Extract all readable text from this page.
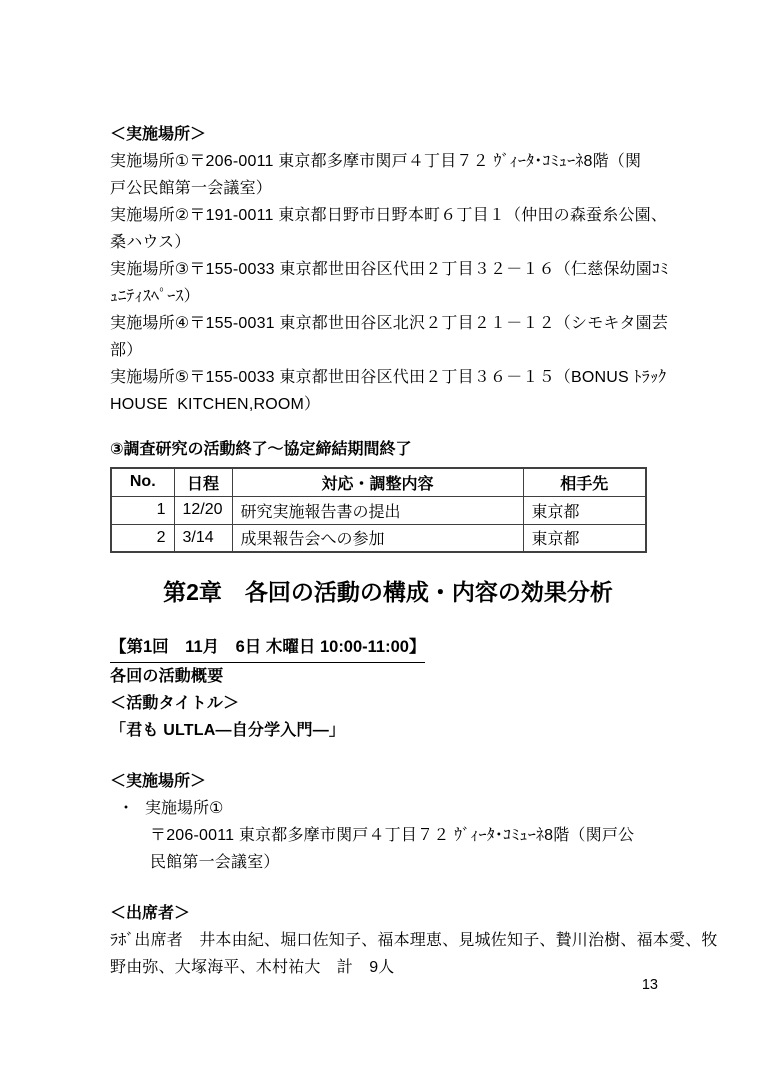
＜実施場所＞
実施場所①〒206-0011 東京都多摩市関戸４丁目７２ ｳﾞｨｰﾀ･ｺﾐｭｰﾈ8階（関
戸公民館第一会議室）
実施場所②〒191-0011 東京都日野市日野本町６丁目１（仲田の森蚕糸公園、
桑ハウス）
実施場所③〒155-0033 東京都世田谷区代田２丁目３２－１６（仁慈保幼園ｺﾐ
ｭﾆﾃｨｽﾍﾟｰｽ）
実施場所④〒155-0031 東京都世田谷区北沢２丁目２１－１２（シモキタ園芸
部）
実施場所⑤〒155-0033 東京都世田谷区代田２丁目３６－１５（BONUS ﾄﾗｯｸ
HOUSE  KITCHEN,ROOM）
③調査研究の活動終了～協定締結期間終了
No.	日程	対応・調整内容	相手先
1	12/20	研究実施報告書の提出	東京都
2	3/14	成果報告会への参加	東京都
第2章　各回の活動の構成・内容の効果分析
【第1回　11月　6日 木曜日 10:00-11:00】
各回の活動概要
＜活動タイトル＞
「君も ULTLA―自分学入門―」
＜実施場所＞
・ 実施場所①
〒206-0011 東京都多摩市関戸４丁目７２ ｳﾞｨｰﾀ･ｺﾐｭｰﾈ8階（関戸公
民館第一会議室）
＜出席者＞
ﾗﾎﾞ出席者　井本由紀、堀口佐知子、福本理恵、見城佐知子、贄川治樹、福本愛、牧
野由弥、大塚海平、木村祐大　計　9人
13
